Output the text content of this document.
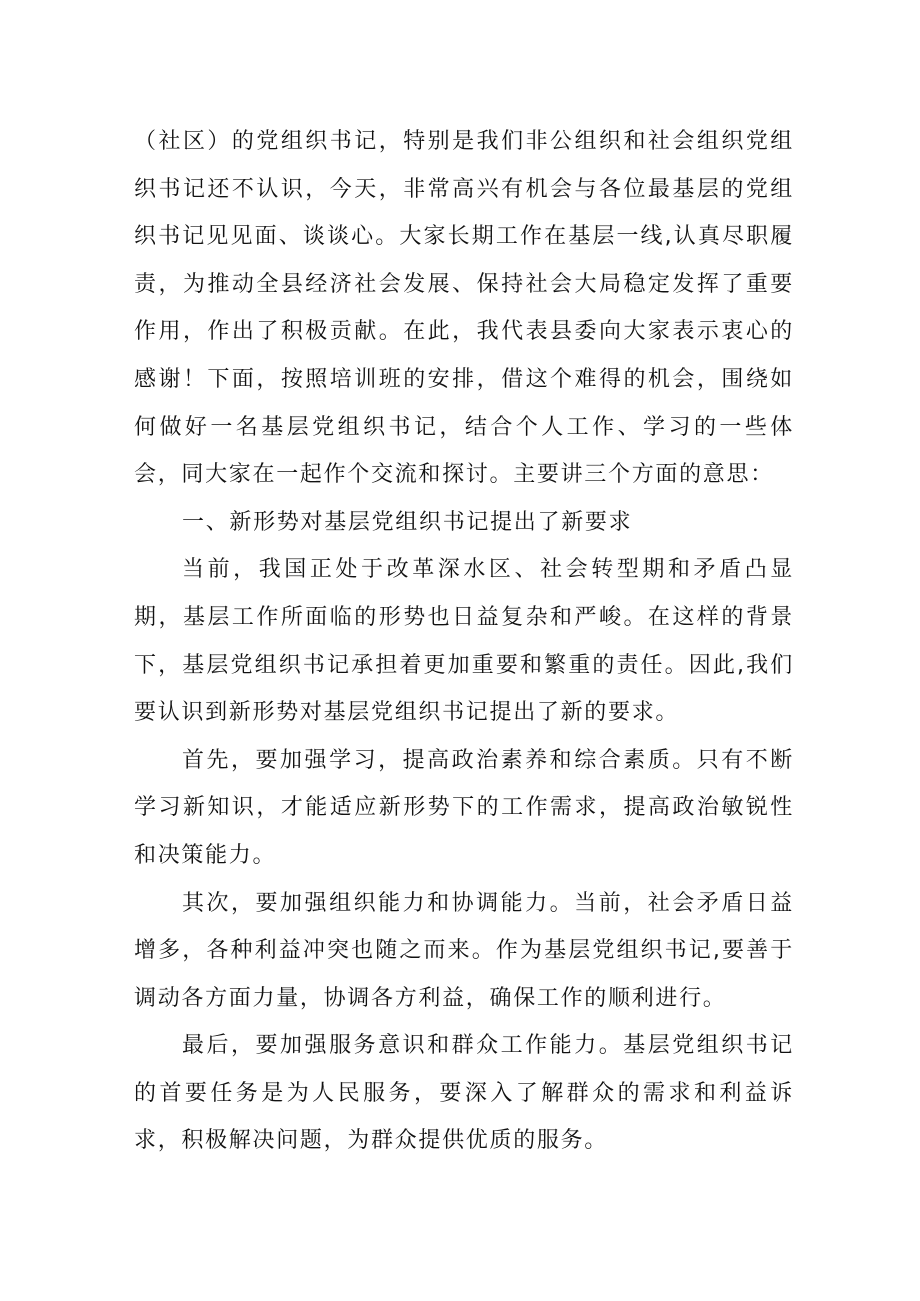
（社区）的党组织书记，特别是我们非公组织和社会组织党组织书记还不认识，今天，非常高兴有机会与各位最基层的党组织书记见见面、谈谈心。大家长期工作在基层一线,认真尽职履责，为推动全县经济社会发展、保持社会大局稳定发挥了重要作用，作出了积极贡献。在此，我代表县委向大家表示衷心的感谢！下面，按照培训班的安排，借这个难得的机会，围绕如何做好一名基层党组织书记，结合个人工作、学习的一些体会，同大家在一起作个交流和探讨。主要讲三个方面的意思：

一、新形势对基层党组织书记提出了新要求

当前，我国正处于改革深水区、社会转型期和矛盾凸显期，基层工作所面临的形势也日益复杂和严峻。在这样的背景下，基层党组织书记承担着更加重要和繁重的责任。因此,我们要认识到新形势对基层党组织书记提出了新的要求。

首先，要加强学习，提高政治素养和综合素质。只有不断学习新知识，才能适应新形势下的工作需求，提高政治敏锐性和决策能力。

其次，要加强组织能力和协调能力。当前，社会矛盾日益增多，各种利益冲突也随之而来。作为基层党组织书记,要善于调动各方面力量，协调各方利益，确保工作的顺利进行。

最后，要加强服务意识和群众工作能力。基层党组织书记的首要任务是为人民服务，要深入了解群众的需求和利益诉求，积极解决问题，为群众提供优质的服务。
